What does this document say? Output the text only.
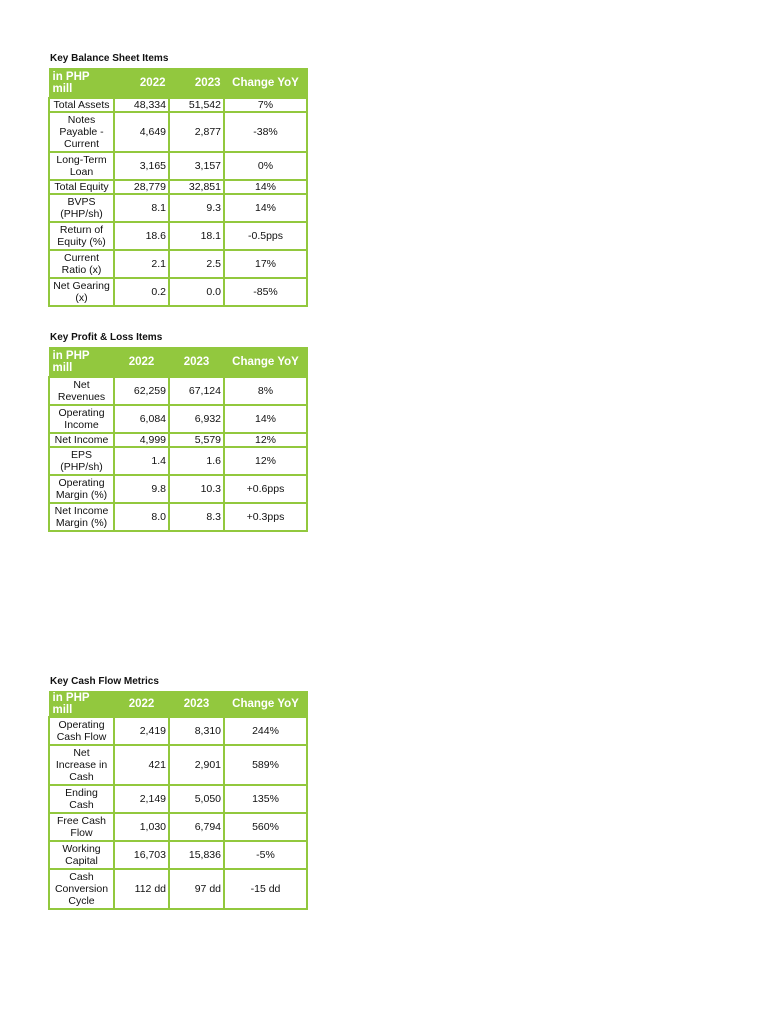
Key Balance Sheet Items
in PHP mill	2022	2023	Change YoY
Total Assets	48,334	51,542	7%
Notes Payable - Current	4,649	2,877	-38%
Long-Term Loan	3,165	3,157	0%
Total Equity	28,779	32,851	14%
BVPS (PHP/sh)	8.1	9.3	14%
Return of Equity (%)	18.6	18.1	-0.5pps
Current Ratio (x)	2.1	2.5	17%
Net Gearing (x)	0.2	0.0	-85%
Key Profit & Loss Items
in PHP mill	2022	2023	Change YoY
Net Revenues	62,259	67,124	8%
Operating Income	6,084	6,932	14%
Net Income	4,999	5,579	12%
EPS (PHP/sh)	1.4	1.6	12%
Operating Margin (%)	9.8	10.3	+0.6pps
Net Income Margin (%)	8.0	8.3	+0.3pps
Key Cash Flow Metrics
in PHP mill	2022	2023	Change YoY
Operating Cash Flow	2,419	8,310	244%
Net Increase in Cash	421	2,901	589%
Ending Cash	2,149	5,050	135%
Free Cash Flow	1,030	6,794	560%
Working Capital	16,703	15,836	-5%
Cash Conversion Cycle	112 dd	97 dd	-15 dd
